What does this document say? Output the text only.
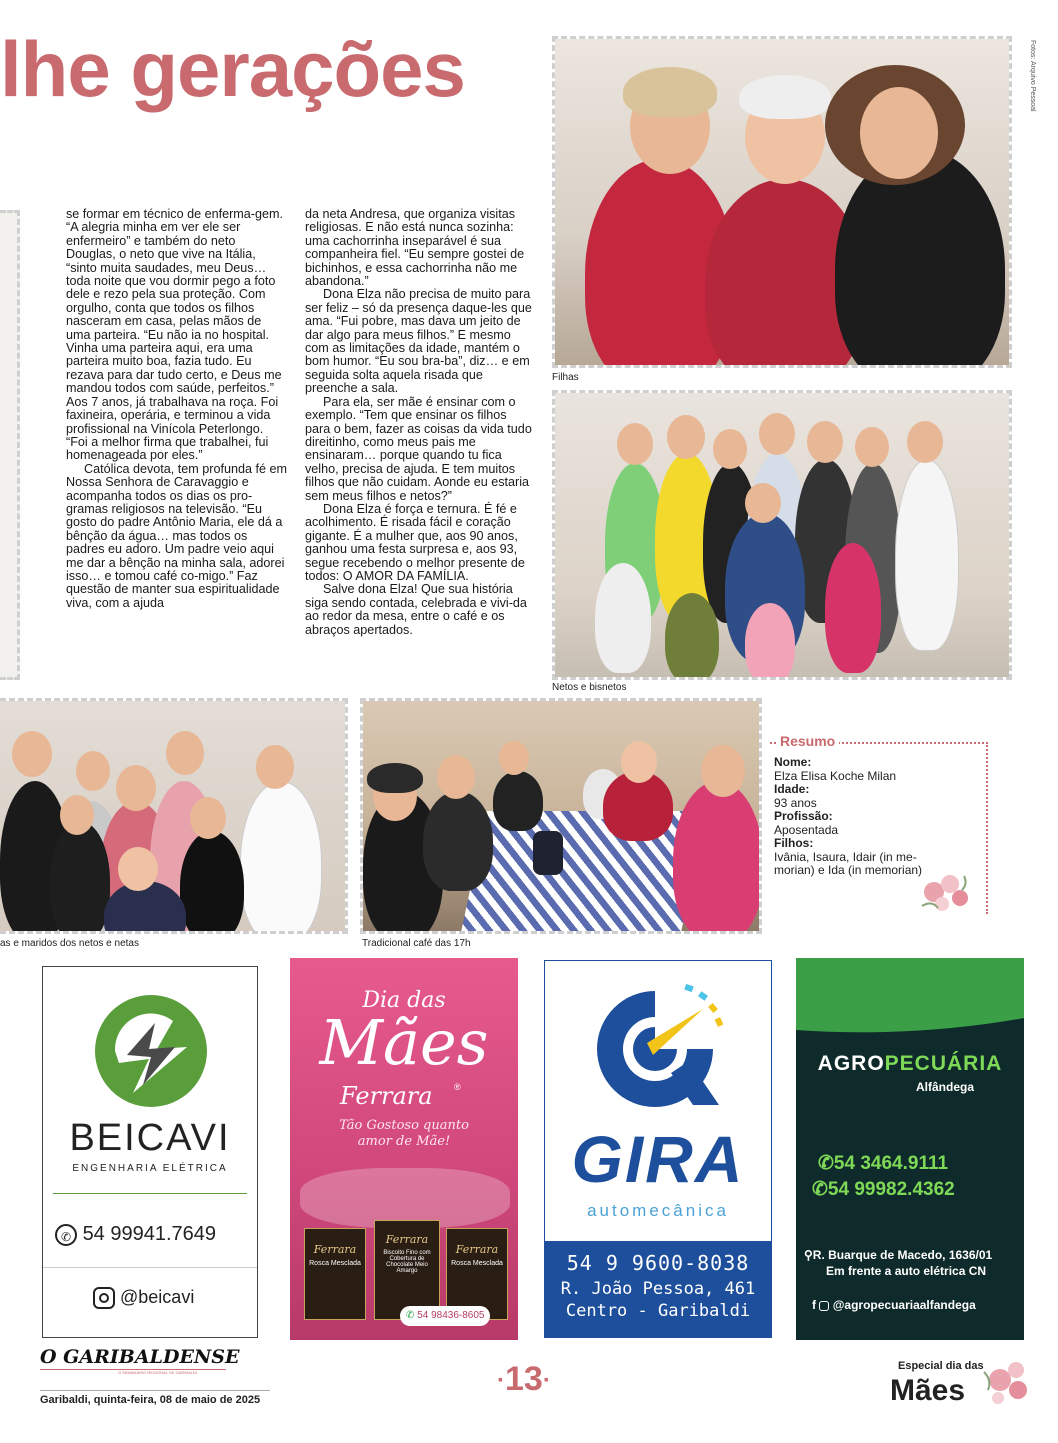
lhe gerações	Fotos: Arquivo Pessoal

se formar em técnico de enferma-gem. “A alegria minha em ver ele ser enfermeiro” e também do neto Douglas, o neto que vive na Itália, “sinto muita saudades, meu Deus… toda noite que vou dormir pego a foto dele e rezo pela sua proteção. Com orgulho, conta que todos os filhos nasceram em casa, pelas mãos de uma parteira. “Eu não ia no hospital. Vinha uma parteira aqui, era uma parteira muito boa, fazia tudo. Eu rezava para dar tudo certo, e Deus me mandou todos com saúde, perfeitos.”

Aos 7 anos, já trabalhava na roça. Foi faxineira, operária, e terminou a vida profissional na Vinícola Peterlongo. “Foi a melhor firma que trabalhei, fui homenageada por eles.”

Católica devota, tem profunda fé em Nossa Senhora de Caravaggio e acompanha todos os dias os pro-gramas religiosos na televisão. “Eu gosto do padre Antônio Maria, ele dá a bênção da água… mas todos os padres eu adoro. Um padre veio aqui me dar a bênção na minha sala, adorei isso… e tomou café co-migo.” Faz questão de manter sua espiritualidade viva, com a ajuda

da neta Andresa, que organiza visitas religiosas. E não está nunca sozinha: uma cachorrinha inseparável é sua companheira fiel. “Eu sempre gostei de bichinhos, e essa cachorrinha não me abandona.”

Dona Elza não precisa de muito para ser feliz – só da presença daque-les que ama. “Fui pobre, mas dava um jeito de dar algo para meus filhos.” E mesmo com as limitações da idade, mantém o bom humor. “Eu sou bra-ba”, diz… e em seguida solta aquela risada que preenche a sala.

Para ela, ser mãe é ensinar com o exemplo. “Tem que ensinar os filhos para o bem, fazer as coisas da vida tudo direitinho, como meus pais me ensinaram… porque quando tu fica velho, precisa de ajuda. E tem muitos filhos que não cuidam. Aonde eu estaria sem meus filhos e netos?”

Dona Elza é força e ternura. É fé e acolhimento. É risada fácil e coração gigante. É a mulher que, aos 90 anos, ganhou uma festa surpresa e, aos 93, segue recebendo o melhor presente de todos: O AMOR DA FAMÍLIA.

Salve dona Elza! Que sua história siga sendo contada, celebrada e vivi-da ao redor da mesa, entre o café e os abraços apertados.

Filhas
Netos e bisnetos
as e maridos dos netos e netas	Tradicional café das 17h
Resumo
Nome:
Elza Elisa Koche Milan
Idade:
93 anos
Profissão:
Aposentada
Filhos:
Ivânia, Isaura, Idair (in me-morian) e Ida (in memorian)
BEICAVI
ENGENHARIA ELÉTRICA
✆ 54 99941.7649
@beicavi
Dia das
Mães
Ferrara ®
Tão Gostoso quanto
amor de Mãe!
Ferrara
Rosca Mesclada
Ferrara
Biscoito Fino com Cobertura de Chocolate Meio Amargo
Ferrara
Rosca Mesclada
✆ 54 98436-8605
GIRA
automecânica
54 9 9600-8038
R. João Pessoa, 461
Centro - Garibaldi
AGROPECUÁRIA
Alfândega
✆54 3464.9111
✆54 99982.4362
⚲R. Buarque de Macedo, 1636/01
Em frente a auto elétrica CN
f @agropecuariaalfandega
O GARIBALDENSE
O SEMANÁRIO REGIONAL DE GARIBALDI
Garibaldi, quinta-feira, 08 de maio de 2025
·13·
Especial dia das
Mães
